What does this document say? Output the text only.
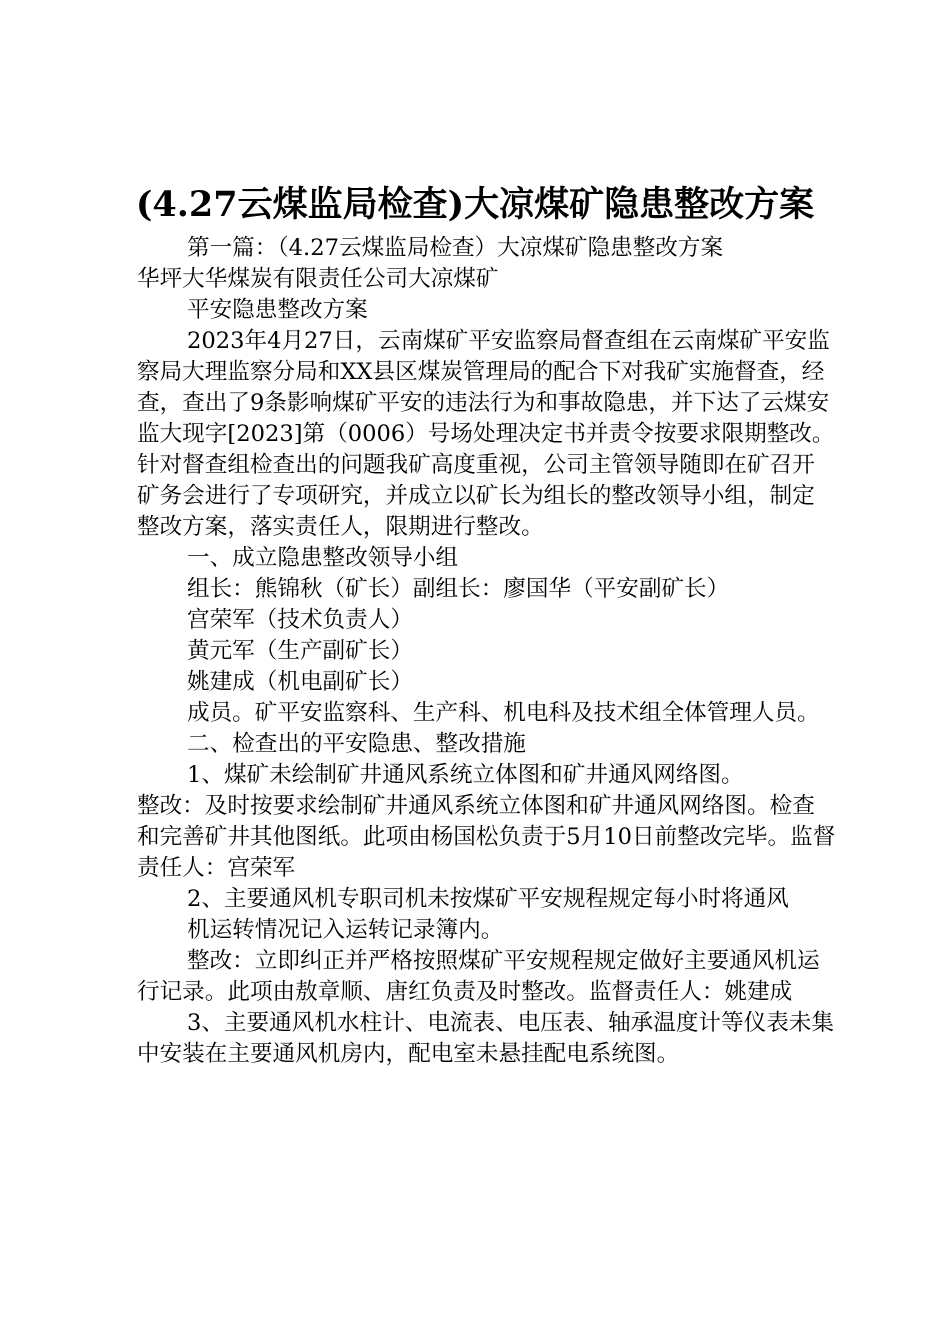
(4.27云煤监局检查)大凉煤矿隐患整改方案

第一篇：（4.27云煤监局检查）大凉煤矿隐患整改方案

华坪大华煤炭有限责任公司大凉煤矿

平安隐患整改方案

2023年4月27日，云南煤矿平安监察局督查组在云南煤矿平安监察局大理监察分局和XX县区煤炭管理局的配合下对我矿实施督查，经查，查出了9条影响煤矿平安的违法行为和事故隐患，并下达了云煤安监大现字[2023]第（0006）号场处理决定书并责令按要求限期整改。针对督查组检查出的问题我矿高度重视，公司主管领导随即在矿召开矿务会进行了专项研究，并成立以矿长为组长的整改领导小组，制定整改方案，落实责任人，限期进行整改。

一、成立隐患整改领导小组

组长：熊锦秋（矿长）副组长：廖国华（平安副矿长）

宫荣军（技术负责人）

黄元军（生产副矿长）

姚建成（机电副矿长）

成员。矿平安监察科、生产科、机电科及技术组全体管理人员。

二、检查出的平安隐患、整改措施

1、煤矿未绘制矿井通风系统立体图和矿井通风网络图。

整改：及时按要求绘制矿井通风系统立体图和矿井通风网络图。检查和完善矿井其他图纸。此项由杨国松负责于5月10日前整改完毕。监督责任人：宫荣军

2、主要通风机专职司机未按煤矿平安规程规定每小时将通风

机运转情况记入运转记录簿内。

整改：立即纠正并严格按照煤矿平安规程规定做好主要通风机运行记录。此项由敖章顺、唐红负责及时整改。监督责任人：姚建成

3、主要通风机水柱计、电流表、电压表、轴承温度计等仪表未集中安装在主要通风机房内，配电室未悬挂配电系统图。
